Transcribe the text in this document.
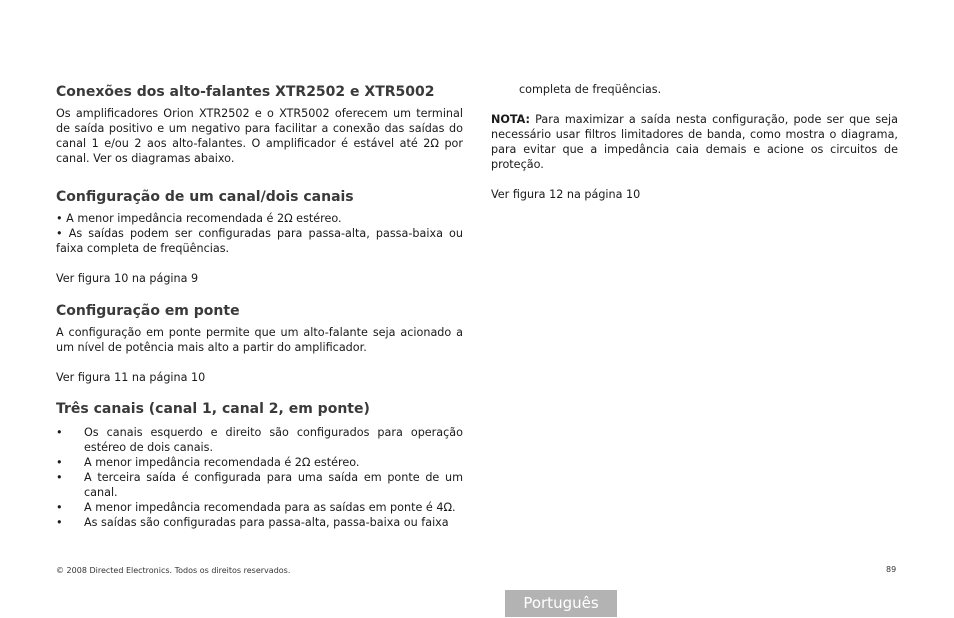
Conexões dos alto-falantes XTR2502 e XTR5002

Os amplificadores Orion XTR2502 e o XTR5002 oferecem um terminal de saída positivo e um negativo para facilitar a conexão das saídas do canal 1 e/ou 2 aos alto-falantes. O amplificador é estável até 2Ω por canal. Ver os diagramas abaixo.

Configuração de um canal/dois canais

• A menor impedância recomendada é 2Ω estéreo.

• As saídas podem ser configuradas para passa-alta, passa-baixa ou faixa completa de freqüências.

Ver figura 10 na página 9

Configuração em ponte

A configuração em ponte permite que um alto-falante seja acionado a um nível de potência mais alto a partir do amplificador.

Ver figura 11 na página 10

Três canais (canal 1, canal 2, em ponte)
• Os canais esquerdo e direito são configurados para operação estéreo de dois canais.
• A menor impedância recomendada é 2Ω estéreo.
• A terceira saída é configurada para uma saída em ponte de um canal.
• A menor impedância recomendada para as saídas em ponte é 4Ω.
• As saídas são configuradas para passa-alta, passa-baixa ou faixa

completa de freqüências.

NOTA: Para maximizar a saída nesta configuração, pode ser que seja necessário usar filtros limitadores de banda, como mostra o diagrama, para evitar que a impedância caia demais e acione os circuitos de proteção.

Ver figura 12 na página 10

© 2008 Directed Electronics. Todos os direitos reservados.	89
Português
